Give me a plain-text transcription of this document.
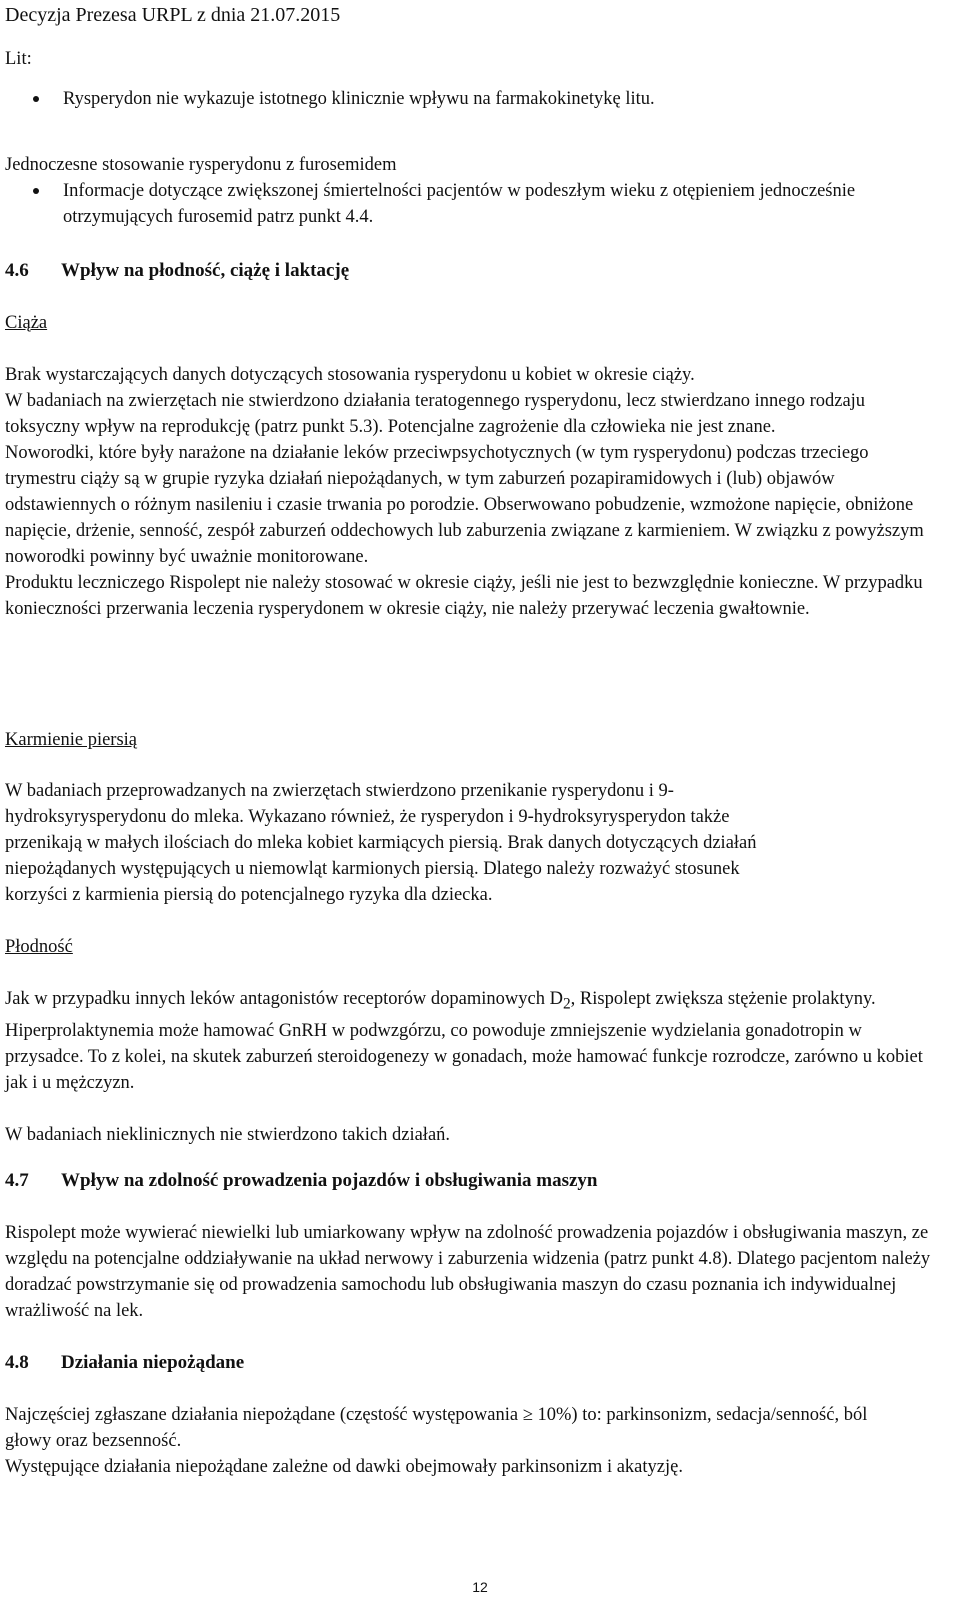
Decyzja Prezesa URPL z dnia 21.07.2015

Lit:

Rysperydon nie wykazuje istotnego klinicznie wpływu na farmakokinetykę litu.

Jednoczesne stosowanie rysperydonu z furosemidem

Informacje dotyczące zwiększonej śmiertelności pacjentów w podeszłym wieku z otępieniem jednocześnie otrzymujących furosemid patrz punkt 4.4.

4.6 Wpływ na płodność, ciążę i laktację
Ciąża

Brak wystarczających danych dotyczących stosowania rysperydonu u kobiet w okresie ciąży.

W badaniach na zwierzętach nie stwierdzono działania teratogennego rysperydonu, lecz stwierdzano innego rodzaju toksyczny wpływ na reprodukcję (patrz punkt 5.3). Potencjalne zagrożenie dla człowieka nie jest znane.

Noworodki, które były narażone na działanie leków przeciwpsychotycznych (w tym rysperydonu) podczas trzeciego trymestru ciąży są w grupie ryzyka działań niepożądanych, w tym zaburzeń pozapiramidowych i (lub) objawów odstawiennych o różnym nasileniu i czasie trwania po porodzie. Obserwowano pobudzenie, wzmożone napięcie, obniżone napięcie, drżenie, senność, zespół zaburzeń oddechowych lub zaburzenia związane z karmieniem. W związku z powyższym noworodki powinny być uważnie monitorowane.

Produktu leczniczego Rispolept nie należy stosować w okresie ciąży, jeśli nie jest to bezwzględnie konieczne. W przypadku konieczności przerwania leczenia rysperydonem w okresie ciąży, nie należy przerywać leczenia gwałtownie.

Karmienie piersią

W badaniach przeprowadzanych na zwierzętach stwierdzono przenikanie rysperydonu i 9-hydroksyrysperydonu do mleka. Wykazano również, że rysperydon i 9-hydroksyrysperydon także przenikają w małych ilościach do mleka kobiet karmiących piersią. Brak danych dotyczących działań niepożądanych występujących u niemowląt karmionych piersią. Dlatego należy rozważyć stosunek korzyści z karmienia piersią do potencjalnego ryzyka dla dziecka.

Płodność

Jak w przypadku innych leków antagonistów receptorów dopaminowych $D_2$, Rispolept zwiększa stężenie prolaktyny. Hiperprolaktynemia może hamować GnRH w podwzgórzu, co powoduje zmniejszenie wydzielania gonadotropin w przysadce. To z kolei, na skutek zaburzeń steroidogenezy w gonadach, może hamować funkcje rozrodcze, zarówno u kobiet jak i u mężczyzn.

W badaniach nieklinicznych nie stwierdzono takich działań.

4.7 Wpływ na zdolność prowadzenia pojazdów i obsługiwania maszyn

Rispolept może wywierać niewielki lub umiarkowany wpływ na zdolność prowadzenia pojazdów i obsługiwania maszyn, ze względu na potencjalne oddziaływanie na układ nerwowy i zaburzenia widzenia (patrz punkt 4.8). Dlatego pacjentom należy doradzać powstrzymanie się od prowadzenia samochodu lub obsługiwania maszyn do czasu poznania ich indywidualnej wrażliwość na lek.

4.8 Działania niepożądane

Najczęściej zgłaszane działania niepożądane (częstość występowania ≥ 10%) to: parkinsonizm, sedacja/senność, ból głowy oraz bezsenność.

Występujące działania niepożądane zależne od dawki obejmowały parkinsonizm i akatyzję.

12
